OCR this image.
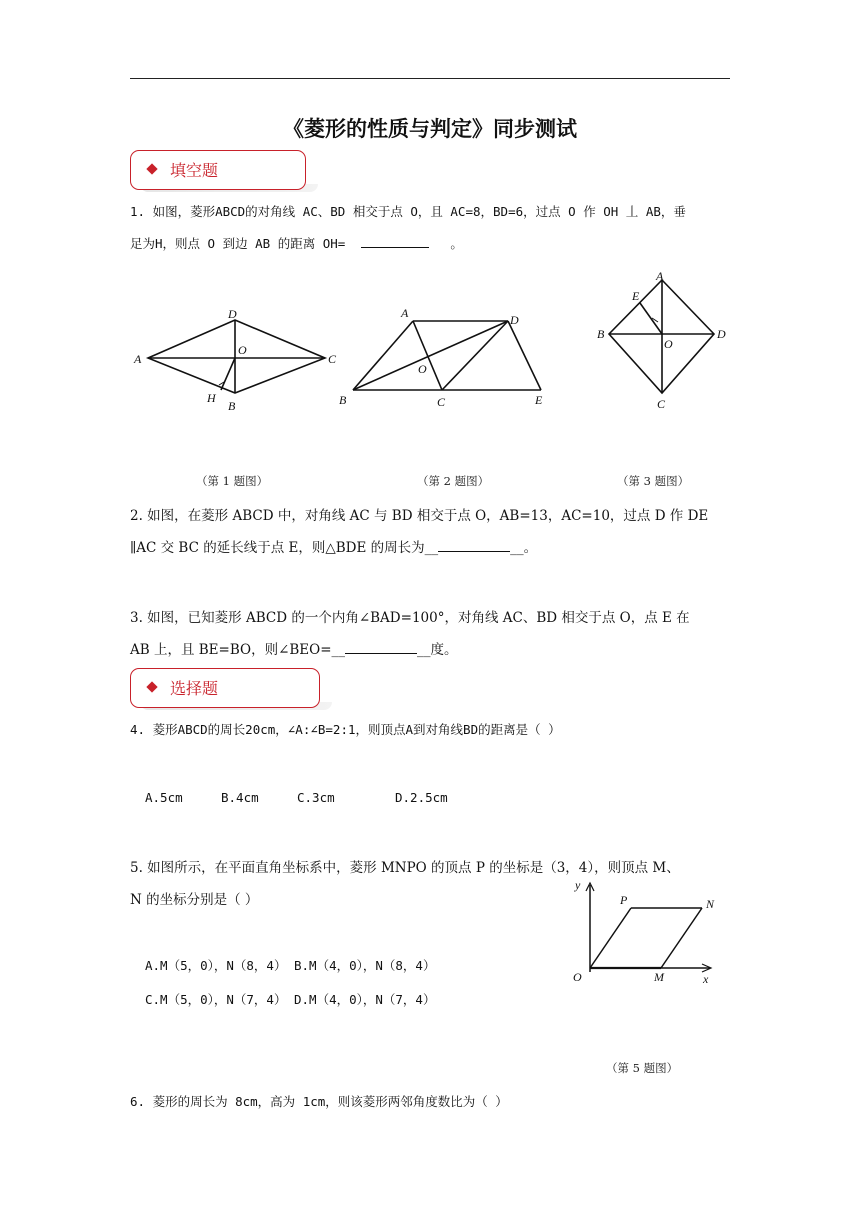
《菱形的性质与判定》同步测试
填空题
1. 如图，菱形ABCD的对角线 AC、BD 相交于点 O，且 AC=8，BD=6，过点 O 作 OH 丄 AB，垂
足为H，则点 O 到边 AB 的距离 OH=	。
A
D
C
O
H
B
A	D
O
B	C	E
A
E
B	D
O
C
（第 1 题图）	（第 2 题图）	（第 3 题图）
2. 如图，在菱形 ABCD 中，对角线 AC 与 BD 相交于点 O，AB=13，AC=10，过点 D 作 DE
∥AC 交 BC 的延长线于点 E，则△BDE 的周长为__	__。
3. 如图，已知菱形 ABCD 的一个内角∠BAD=100°，对角线 AC、BD 相交于点 O，点 E 在
AB 上，且 BE=BO，则∠BEO=__	__度。
选择题
4. 菱形ABCD的周长20cm，∠A:∠B=2:1，则顶点A到对角线BD的距离是（ ）
A.5cm	B.4cm	C.3cm	D.2.5cm
5. 如图所示，在平面直角坐标系中，菱形 MNPO 的顶点 P 的坐标是（3，4），则顶点 M、
N 的坐标分别是（ ）
A.M（5，0），N（8，4） B.M（4，0），N（8，4）
C.M（5，0），N（7，4） D.M（4，0），N（7，4）
y
P	N
O	M	x
（第 5 题图）
6. 菱形的周长为 8cm，高为 1cm，则该菱形两邻角度数比为（ ）
